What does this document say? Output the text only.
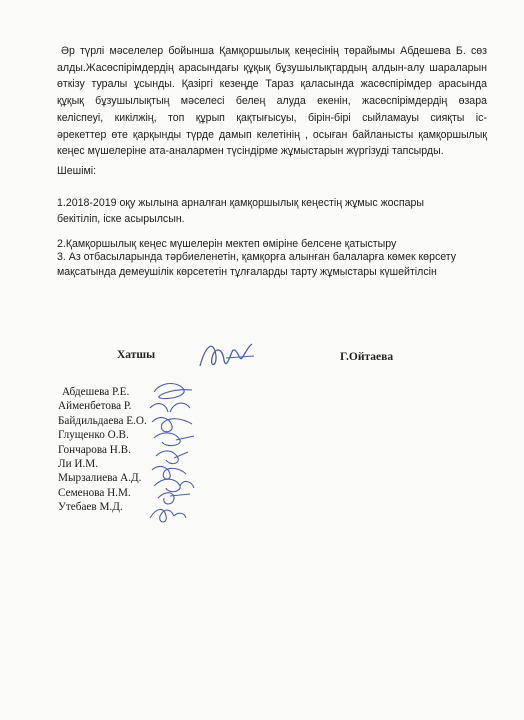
Әр түрлі мәселелер бойынша Қамқоршылық кеңесінің төрайымы Абдешева Б. сөз
алды.Жасөспірімдердің арасындағы құқық бұзушылықтардың алдын-алу шараларын
өткізу туралы ұсынды. Қазіргі кезеңде Тараз қаласында жасөспірімдер арасында
құқық бұзушылықтың мәселесі белең алуда екенін, жасөспірімдердің өзара
келіспеуі, кикілжің, топ құрып қақтығысуы, бірін-бірі сыйламауы сияқты іс-
әрекеттер өте қарқынды түрде дамып келетінің , осыған байланысты қамқоршылық
кеңес мүшелеріне ата-аналармен түсіндірме жұмыстарын жүргізуді тапсырды.
Шешімі:
1.2018-2019 оқу жылына арналған қамқоршылық кеңестің жұмыс жоспары
бекітіліп, іске асырылсын.
2.Қамқоршылық кеңес мүшелерін мектеп өміріне белсене қатыстыру
3. Аз отбасыларында тәрбиеленетін, қамқорға алынған балаларға көмек көрсету
мақсатында демеушілік көрсететін тұлғаларды тарту жұмыстары күшейтілсін
Хатшы	Г.Ойтаева
Абдешева Р.Е.
Айменбетова Р.
Байдильдаева Е.О.
Глущенко О.В.
Гончарова Н.В.
Ли И.М.
Мырзалиева А.Д.
Семенова Н.М.
Утебаев М.Д.
